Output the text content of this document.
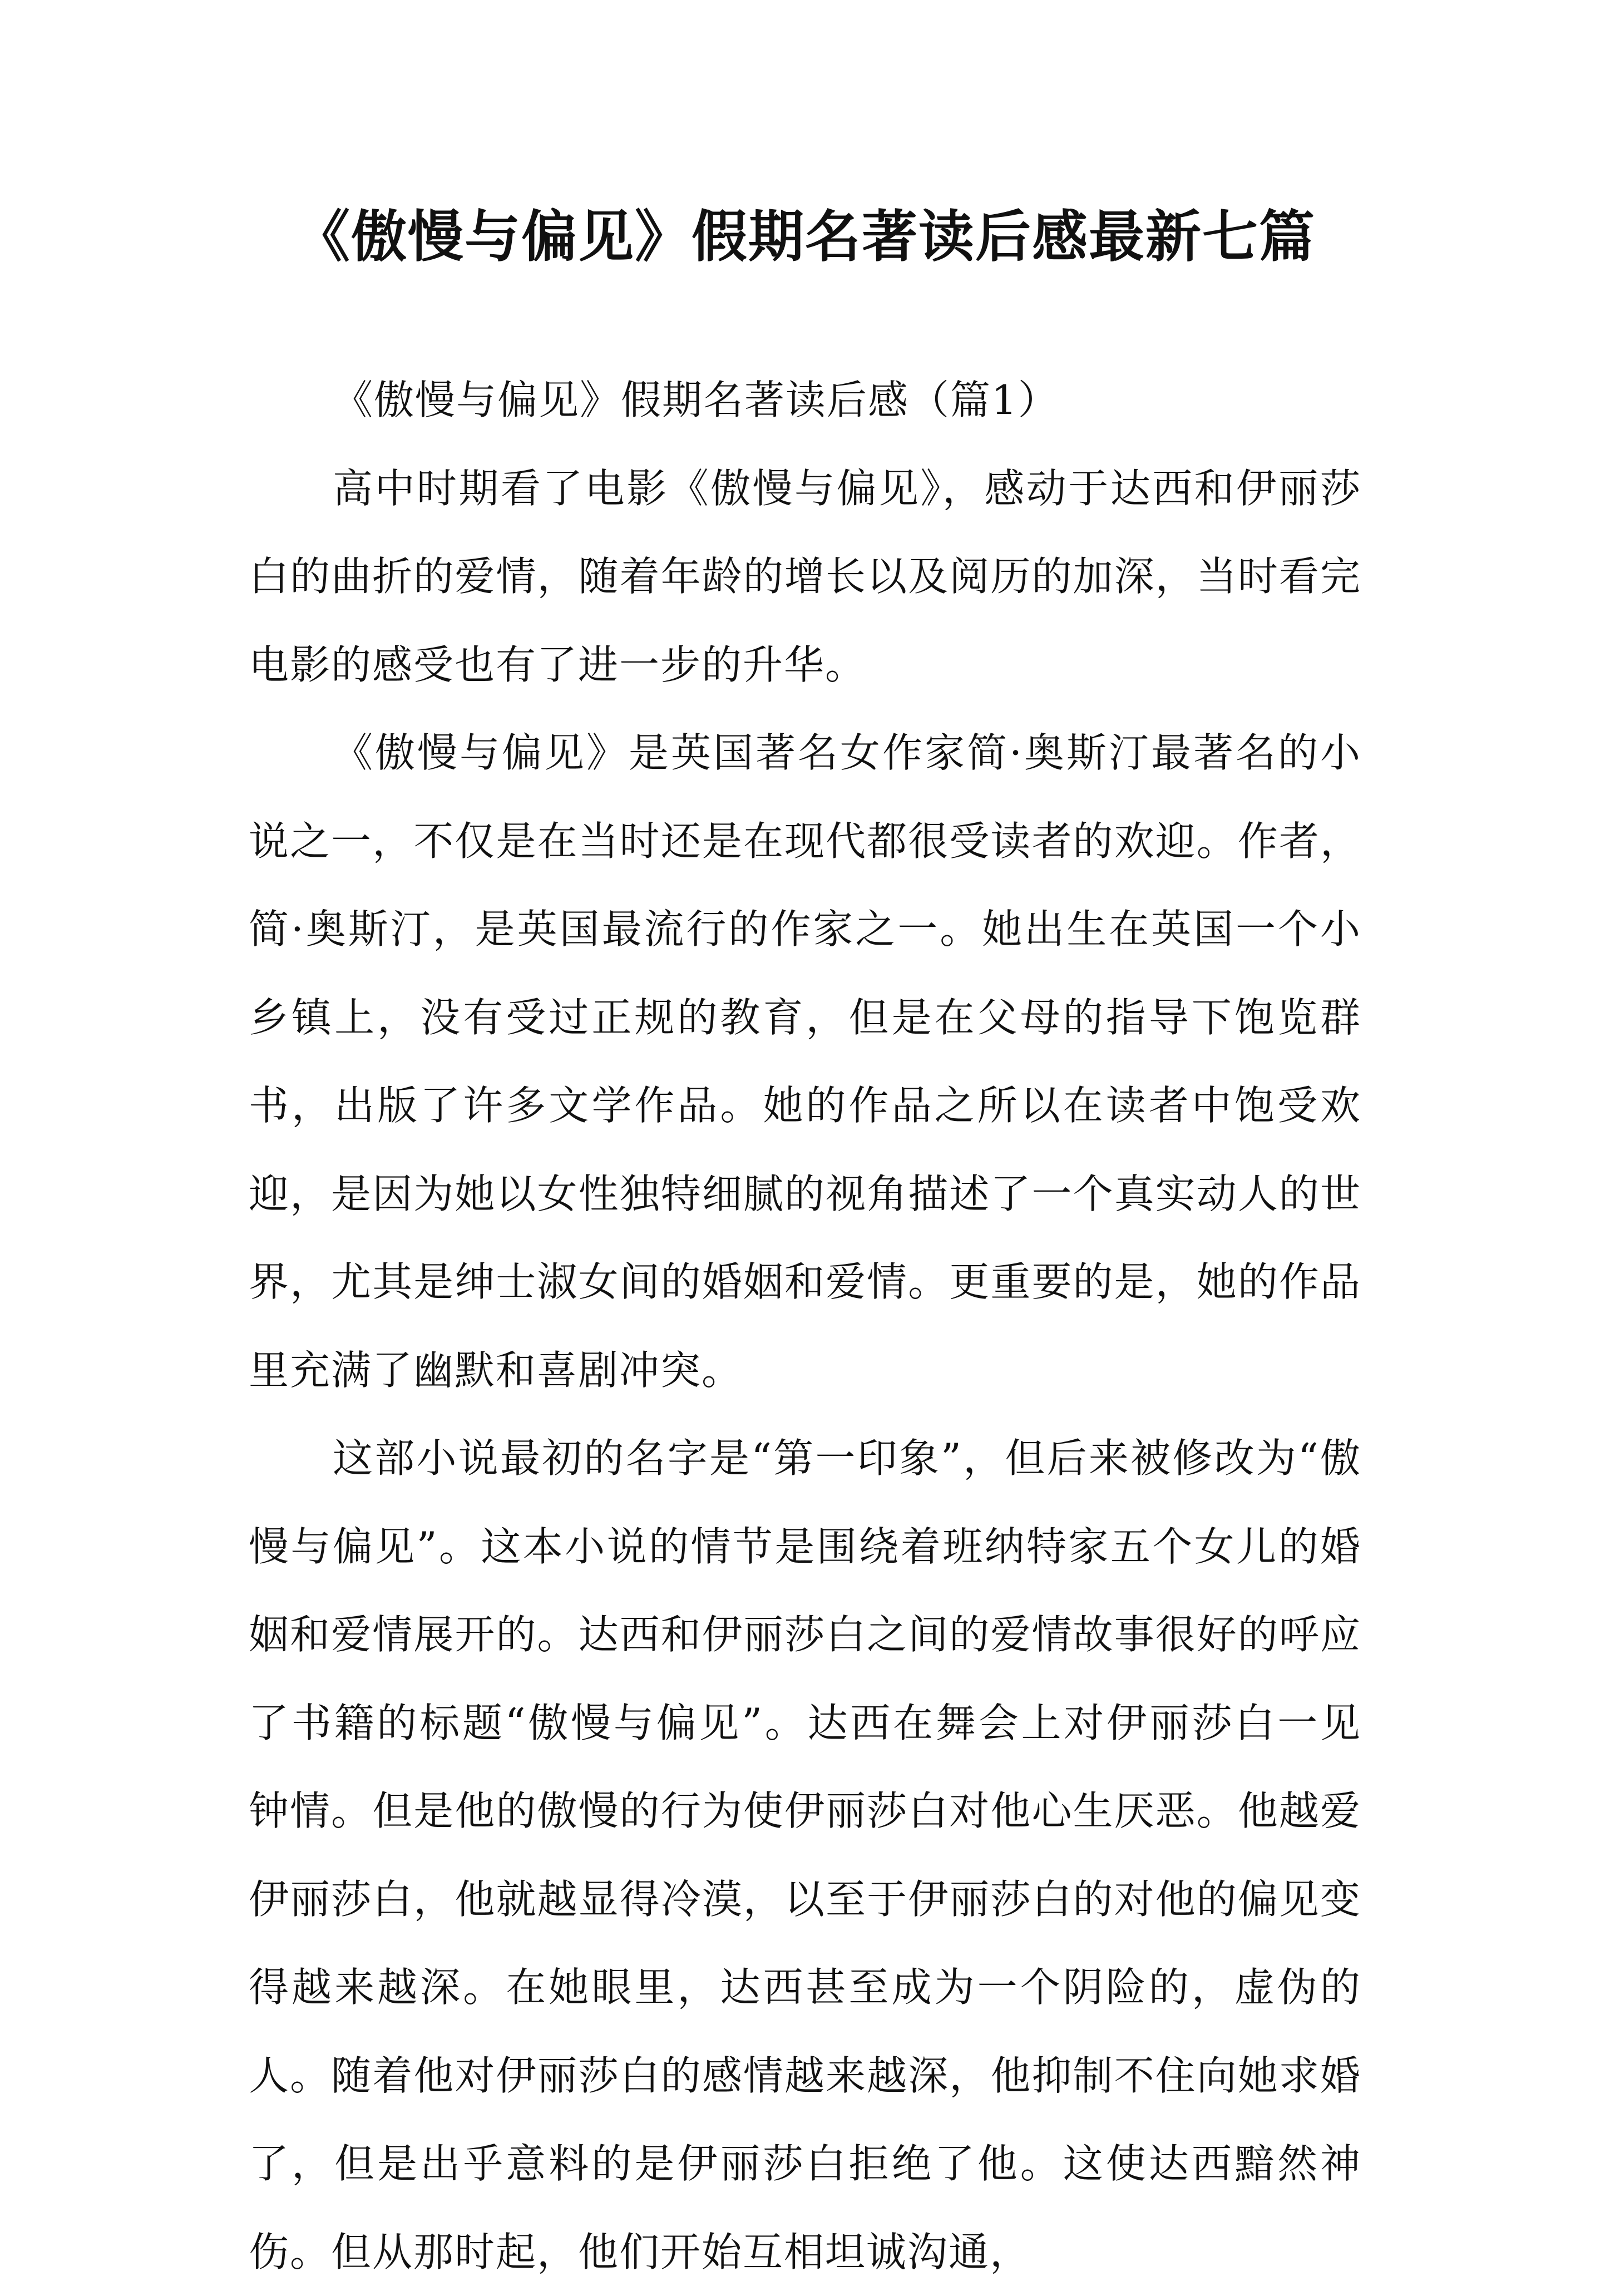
《傲慢与偏见》假期名著读后感最新七篇

《傲慢与偏见》假期名著读后感（篇1）

高中时期看了电影《傲慢与偏见》，感动于达西和伊丽莎白的曲折的爱情，随着年龄的增长以及阅历的加深，当时看完电影的感受也有了进一步的升华。

《傲慢与偏见》是英国著名女作家简·奥斯汀最著名的小说之一，不仅是在当时还是在现代都很受读者的欢迎。作者，简·奥斯汀，是英国最流行的作家之一。她出生在英国一个小乡镇上，没有受过正规的教育，但是在父母的指导下饱览群书，出版了许多文学作品。她的作品之所以在读者中饱受欢迎，是因为她以女性独特细腻的视角描述了一个真实动人的世界，尤其是绅士淑女间的婚姻和爱情。更重要的是，她的作品里充满了幽默和喜剧冲突。

这部小说最初的名字是“第一印象”，但后来被修改为“傲慢与偏见”。这本小说的情节是围绕着班纳特家五个女儿的婚姻和爱情展开的。达西和伊丽莎白之间的爱情故事很好的呼应了书籍的标题“傲慢与偏见”。达西在舞会上对伊丽莎白一见钟情。但是他的傲慢的行为使伊丽莎白对他心生厌恶。他越爱伊丽莎白，他就越显得冷漠，以至于伊丽莎白的对他的偏见变得越来越深。在她眼里，达西甚至成为一个阴险的，虚伪的人。随着他对伊丽莎白的感情越来越深，他抑制不住向她求婚了，但是出乎意料的是伊丽莎白拒绝了他。这使达西黯然神伤。但从那时起，他们开始互相坦诚沟通，
